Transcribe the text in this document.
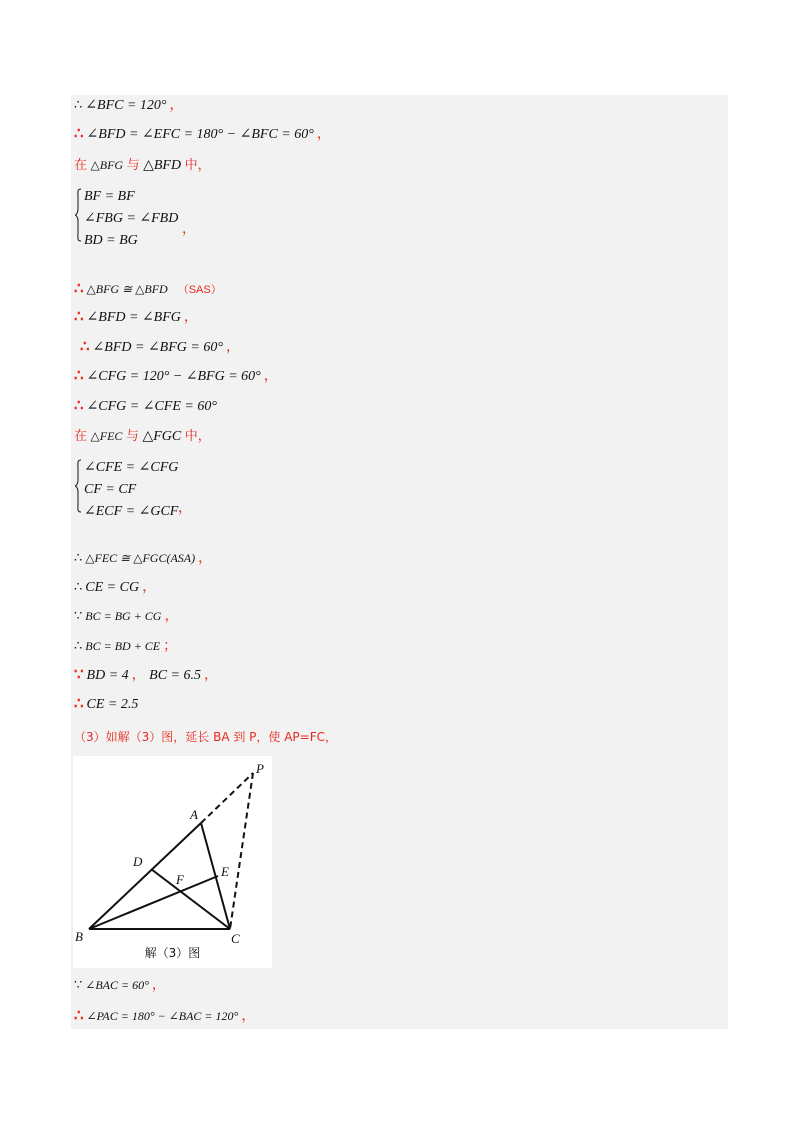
∴ ∠BFC = 120° ，
∴ ∠BFD = ∠EFC = 180° − ∠BFC = 60° ，
在 △BFG 与 △BFD 中，
BF = BF
∠FBG = ∠FBD
BD = BG
，
∴ △BFG ≅ △BFD （SAS）
∴ ∠BFD = ∠BFG ，
∴ ∠BFD = ∠BFG = 60° ，
∴ ∠CFG = 120° − ∠BFG = 60° ，
∴ ∠CFG = ∠CFE = 60°
在 △FEC 与 △FGC 中，
∠CFE = ∠CFG
CF = CF
∠ECF = ∠GCF ，
∴ △FEC ≅ △FGC(ASA) ，
∴ CE = CG ，
∵ BC = BG + CG ，
∴ BC = BD + CE ；
∵ BD = 4 ， BC = 6.5 ，
∴ CE = 2.5
（3）如解（3）图，延长 BA 到 P，使 AP=FC，
P
A
D
F
E
B	C
解（3）图
∵ ∠BAC = 60° ，
∴ ∠PAC = 180° − ∠BAC = 120° ，
